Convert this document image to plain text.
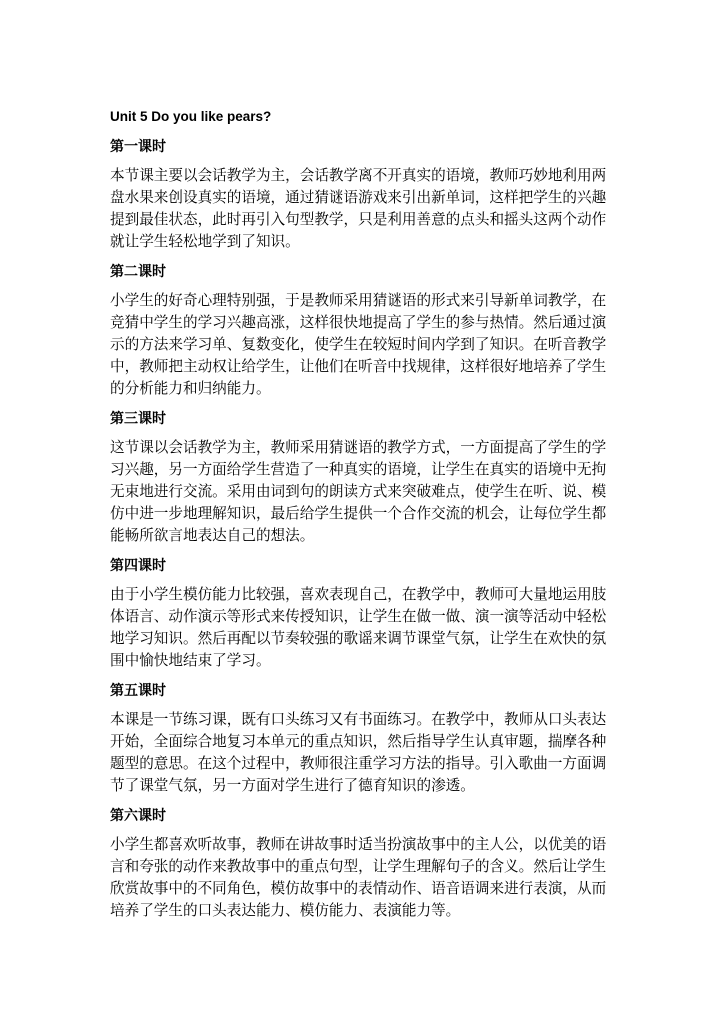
Unit 5 Do you like pears?
第一课时
本节课主要以会话教学为主，会话教学离不开真实的语境，教师巧妙地利用两
盘水果来创设真实的语境，通过猜谜语游戏来引出新单词，这样把学生的兴趣
提到最佳状态，此时再引入句型教学，只是利用善意的点头和摇头这两个动作
就让学生轻松地学到了知识。
第二课时
小学生的好奇心理特别强，于是教师采用猜谜语的形式来引导新单词教学，在
竞猜中学生的学习兴趣高涨，这样很快地提高了学生的参与热情。然后通过演
示的方法来学习单、复数变化，使学生在较短时间内学到了知识。在听音教学
中，教师把主动权让给学生，让他们在听音中找规律，这样很好地培养了学生
的分析能力和归纳能力。
第三课时
这节课以会话教学为主，教师采用猜谜语的教学方式，一方面提高了学生的学
习兴趣，另一方面给学生营造了一种真实的语境，让学生在真实的语境中无拘
无束地进行交流。采用由词到句的朗读方式来突破难点，使学生在听、说、模
仿中进一步地理解知识，最后给学生提供一个合作交流的机会，让每位学生都
能畅所欲言地表达自己的想法。
第四课时
由于小学生模仿能力比较强，喜欢表现自己，在教学中，教师可大量地运用肢
体语言、动作演示等形式来传授知识，让学生在做一做、演一演等活动中轻松
地学习知识。然后再配以节奏较强的歌谣来调节课堂气氛，让学生在欢快的氛
围中愉快地结束了学习。
第五课时
本课是一节练习课，既有口头练习又有书面练习。在教学中，教师从口头表达
开始，全面综合地复习本单元的重点知识，然后指导学生认真审题，揣摩各种
题型的意思。在这个过程中，教师很注重学习方法的指导。引入歌曲一方面调
节了课堂气氛，另一方面对学生进行了德育知识的渗透。
第六课时
小学生都喜欢听故事，教师在讲故事时适当扮演故事中的主人公，以优美的语
言和夸张的动作来教故事中的重点句型，让学生理解句子的含义。然后让学生
欣赏故事中的不同角色，模仿故事中的表情动作、语音语调来进行表演，从而
培养了学生的口头表达能力、模仿能力、表演能力等。
